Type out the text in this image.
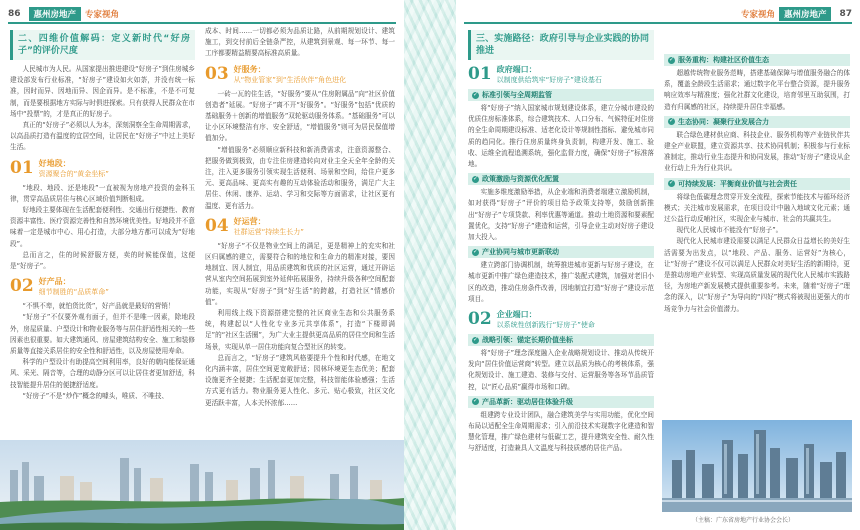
86	惠州房地产	专家视角
二、四维价值解码：定义新时代“好房子”的评价尺度

人民城市为人民。从国家提出推进建设“好房子”到住房城乡建设部发布行业标准，“好房子”建设如火如荼，并没有统一标准，因时而异、因地而异、因企而异。是不标准，不是不可复制，而是要根据地方实际与时俱进探索。只有获得人民群众在市场中“投票”的，才是真正的好房子。

真正的“好房子”必须以人为本，深刻洞察全生命周期需求，以高品质打造有温度的宜居空间，让居民在“好房子”中过上美好生活。

01 好地段：
资源聚合的“黄金坐标”

“地段、地段、还是地段”一直被视为房地产投资的金科玉律，贯穿高品质居住与核心区域价值判断相成。

好地段主要体现在生活配套便利性、交通出行便捷性、教育资源丰富性、医疗资源完善性和自然环境优美性。好地段并不意味着一定是城市中心、用心打造，大部分地方都可以成为“好地段”。

总而言之，住的时候舒服方便，卖的时候能保值，这便是“好房子”。

02 好产品：
细节制胜的“品质革命”

“不惧不卑，就怕货比货”，好产品就是最好的营销！

“好房子”不仅要外观有面子，但并不是唯一因素，除地段外，房屋质量、户型设计和物业服务等与居住舒适性相关的一些因素也很重要。如大建筑通风、房屋建筑结构安全、施工和装修质量等直接关系居住的安全性和舒适性，以及房屋使用寿命。

科学的户型设计有助提高空间利用率，良好的朝向能保证通风、采光、隔音等，合理的动静分区可以让居住者更加舒适，科技智能提升居住的便捷舒适度。

“好房子”不是“炒作”概念的噱头，唯质、不唯技、

成本、时间……一切都必须为品质让路，从前期规划设计、建筑施工，到交付前后全链条严控，从建筑到景观、每一环节、每一工序都要精益精要高标准高质量。

03 好服务：
从“物业管家”到“生活伙伴”角色进化

一砖一瓦的住生活，“好服务”要从“住房附属品”向“社区价值创造者”延展。“好房子”离不开“好服务”。“好服务”包括“优质的基础服务＋创新的增值服务”双轮驱动服务体系。“基础服务”可以让小区环境整洁有序、安全舒适，“增值服务”则可为居民保值增值加分。

“增值服务”必须顺应新科技和新消费需求，注意资源整合、把服务做到极致，由专注住房建造转向对业主全天全年全龄的关注，注入更多服务引领实现生活便利、场景和空间，给住户更多元、更高品味、更高实有趣的互动体验活动和服务，满足广大主居住、休闲、康养、运动、学习和交际等方面需求，让社区更有温度、更有活力。

04 好运营：
社群运营“持续生长力”

“好房子”不仅是物业空间上的满足，更是精神上的充实和社区归属感的建立，需要符合和的地位和生命力的精准对接，要因地制宜、因人制宜，用品质建筑和优质的社区运营，通过开辟运营从室内空间拓展到室外延伸拓展服务，持续升级各种空间配套功能，实现从“好房子”到“好生活”的跨越，打造社区“情感价值”。

利用线上线下资源搭建完整的社区商业生态和公共服务系统，构建起以“人性化专业多元共享体系”，打造“下楼即满足”的“社区生活圈”，为广大业主提供更高品质的居住空间和生活场景，实现从单一居住功能向复合型社区的转变。

总而言之，“好房子”建筑风格要提升个性和时代感，在地文化内涵丰富，居住空间更宽敞舒适；园林环境更生态优美；配套设施更齐全便捷；生活配套更加完整，科技智能体验感强；生活方式更有活力。物业服务更人性化、多元、贴心极致，社区文化更活跃丰富，人本关怀浓郁……

专家视角	惠州房地产	87
三、实施路径：政府引导与企业实践的协同推进
01 政府端口：
以制度供给筑牢“好房子”建设基石
✓
标准引领与全周期监管

将“好房子”纳入国家城市规划建设体系，建立分城市建设的优质住房标准体系，综合建筑技术、人口分布、气候特征对住房的全生命周期建设标准、适老化设计等规制性指标、避免城市同质的趋同化。推行住房质量终身负责制，构建开发、施工、验收、运维全流程追溯系统，强化监督力度，确保“好房子”标准落地。

✓
政策激励与资源优化配置

实施多维度激励举措，从企业端和消费者端建立激励机制，如对获得“好房子”评价的项目给予政策支持等，鼓励创新推出“好房子”专项贷款、利率优惠等通道。推动土地资源和要素配置优化，支持“好房子”建造和运营，引导企业主动对好房子建设加大投入。

✓
产业协同与城市更新联动

建立跨部门协调机制，统筹推进城市更新与好房子建设，在城市更新中推广绿色建造技术，推广装配式建筑，加强对老旧小区的改造，推动住房条件改善，因地制宜打造“好房子”建设示范项目。

02 企业端口：
以系统性创新践行“好房子”使命
✓
战略引领：锚定长期价值坐标

将“好房子”理念深度融入企业战略规划设计、推动从传统开发向“居住价值运营商”转型。建立以品质为核心的考核体系，强化规划设计、施工建造、装修与交付、运营服务等各环节品质管控，以“匠心品质”赢得市场和口碑。

✓
产品革新：驱动居住体验升级

组建跨专业设计团队，融合建筑美学与实用功能，优化空间布局以适配全生命周期需求；引入前沿技术实现数字化建造和智慧化管理，推广绿色建材与低碳工艺，提升建筑安全性、耐久性与舒适度，打造兼具人文温度与科技质感的居住产品。

✓
服务重构：构建社区价值生态

超越传统物业服务范畴，搭建基础保障与增值服务融合的体系，覆盖全龄段生活需求；通过数字化平台整合资源，提升服务响应效率与精准度；强化社群文化建设，培育邻里互助氛围，打造有归属感的社区，持续提升居住幸福感。

✓
生态协同：凝聚行业发展合力

联合绿色建材供应商、科技企业、服务机构等产业链伙伴共建全产业联盟，建立资源共享、技术协同机制；积极参与行业标准制定，推动行业生态提升和协同发展，推动“好房子”建设从企业行动上升为行业共识。

✓
可持续发展：平衡商业价值与社会责任

将绿色低碳理念贯穿开发全流程，探索节能技术与循环经济模式；关注城市发展需求，在项目设计中融入地域文化元素；通过公益行动反哺社区，实现企业与城市、社会的共赢共生。

现代化人民城市不能没有“好房子”。

现代化人民城市建设需要以满足人民群众日益增长的美好生活需要为出发点，以“地段、产品、服务、运营好”为核心，让“好房子”建设不仅可以满足人民群众对美好生活的新期待，更是推动房地产业转型、实现高质量发展的现代化人民城市实践路径，为房地产新发展模式提供重要参考。未来，随着“好房子”理念的深入，以“好房子”为导向的“四好”模式将被现出更强大的市场竞争力与社会价值潜力。

（主稿：广东省房地产行业协会会长）
